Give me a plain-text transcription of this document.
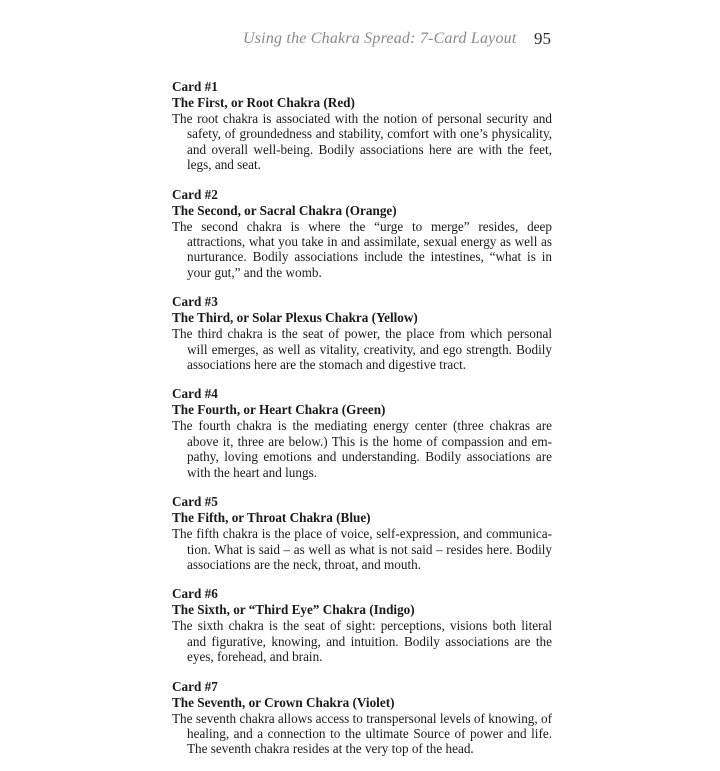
Using the Chakra Spread: 7-Card Layout 95

Card #1

The First, or Root Chakra (Red)

The root chakra is associated with the notion of personal security and safety, of groundedness and stability, comfort with one’s physicality, and overall well-being. Bodily associations here are with the feet, legs, and seat.

Card #2

The Second, or Sacral Chakra (Orange)

The second chakra is where the “urge to merge” resides, deep attractions, what you take in and assimilate, sexual energy as well as nurturance. Bodily associations include the intestines, “what is in your gut,” and the womb.

Card #3

The Third, or Solar Plexus Chakra (Yellow)

The third chakra is the seat of power, the place from which personal will emerges, as well as vitality, creativity, and ego strength. Bodily associations here are the stomach and digestive tract.

Card #4

The Fourth, or Heart Chakra (Green)

The fourth chakra is the mediating energy center (three chakras are above it, three are below.) This is the home of compassion and empathy, loving emotions and understanding. Bodily associations are with the heart and lungs.

Card #5

The Fifth, or Throat Chakra (Blue)

The fifth chakra is the place of voice, self-expression, and communication. What is said – as well as what is not said – resides here. Bodily associations are the neck, throat, and mouth.

Card #6

The Sixth, or “Third Eye” Chakra (Indigo)

The sixth chakra is the seat of sight: perceptions, visions both literal and figurative, knowing, and intuition. Bodily associations are the eyes, forehead, and brain.

Card #7

The Seventh, or Crown Chakra (Violet)

The seventh chakra allows access to transpersonal levels of knowing, of healing, and a connection to the ultimate Source of power and life. The seventh chakra resides at the very top of the head.
